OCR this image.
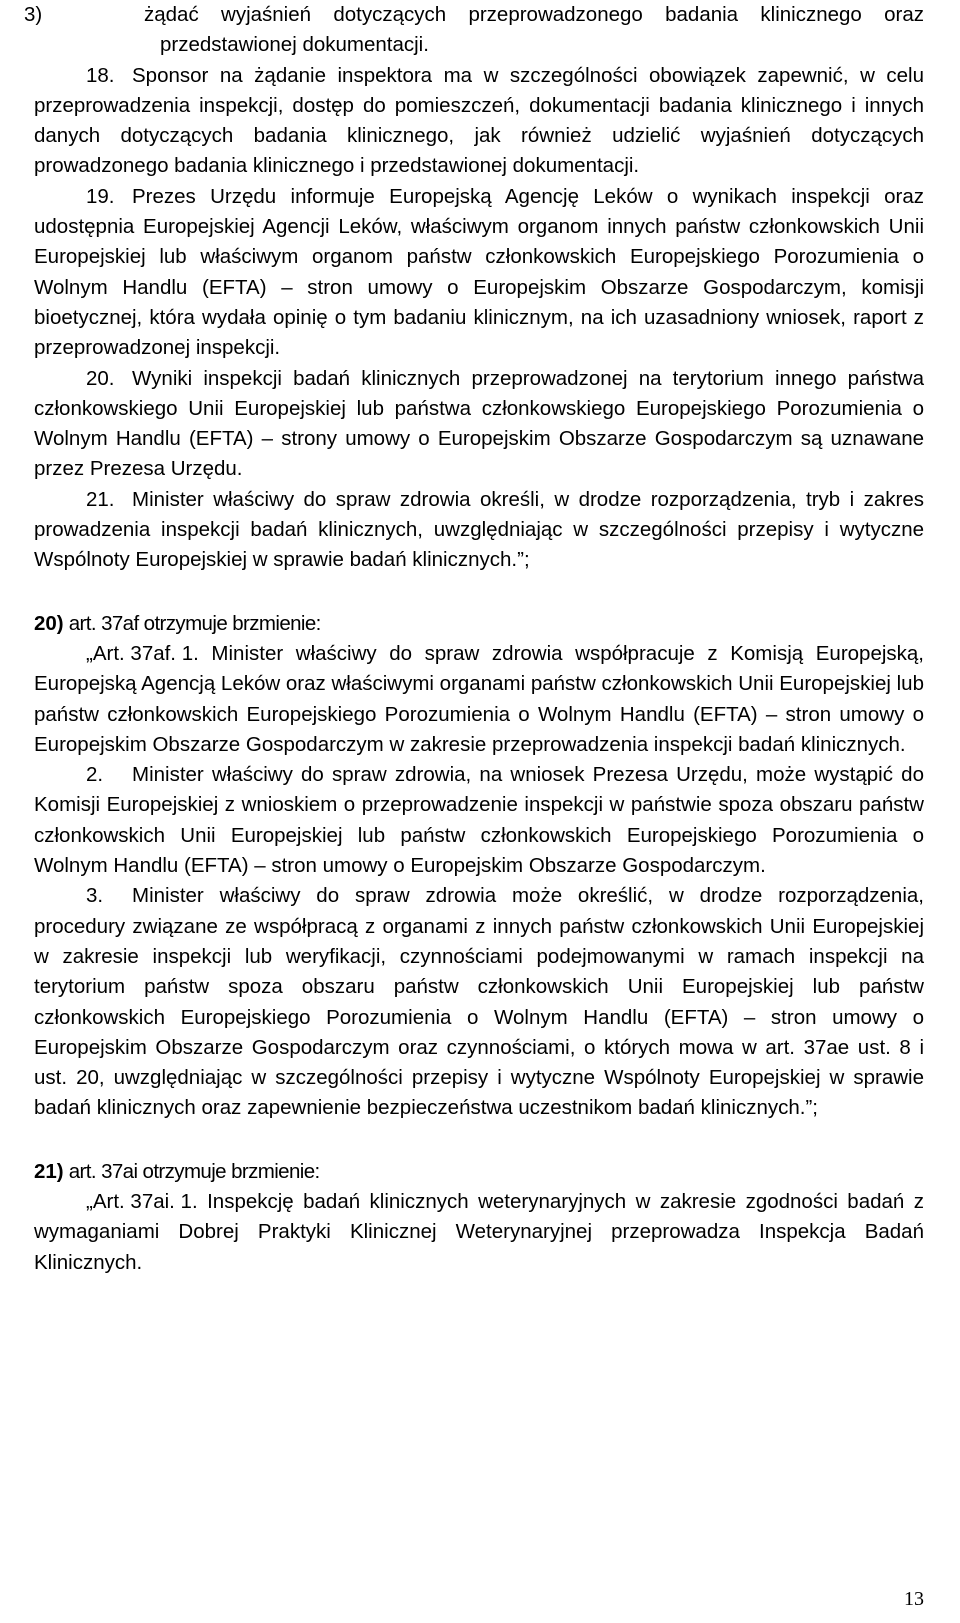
3)	żądać wyjaśnień dotyczących przeprowadzonego badania klinicznego oraz przedstawionej dokumentacji.

18. Sponsor na żądanie inspektora ma w szczególności obowiązek zapewnić, w celu przeprowadzenia inspekcji, dostęp do pomieszczeń, dokumentacji badania klinicznego i innych danych dotyczących badania klinicznego, jak również udzielić wyjaśnień dotyczących prowadzonego badania klinicznego i przedstawionej dokumentacji.

19. Prezes Urzędu informuje Europejską Agencję Leków o wynikach inspekcji oraz udostępnia Europejskiej Agencji Leków, właściwym organom innych państw członkowskich Unii Europejskiej lub właściwym organom państw członkowskich Europejskiego Porozumienia o Wolnym Handlu (EFTA) – stron umowy o Europejskim Obszarze Gospodarczym, komisji bioetycznej, która wydała opinię o tym badaniu klinicznym, na ich uzasadniony wniosek, raport z przeprowadzonej inspekcji.

20. Wyniki inspekcji badań klinicznych przeprowadzonej na terytorium innego państwa członkowskiego Unii Europejskiej lub państwa członkowskiego Europejskiego Porozumienia o Wolnym Handlu (EFTA) – strony umowy o Europejskim Obszarze Gospodarczym są uznawane przez Prezesa Urzędu.

21. Minister właściwy do spraw zdrowia określi, w drodze rozporządzenia, tryb i zakres prowadzenia inspekcji badań klinicznych, uwzględniając w szczególności przepisy i wytyczne Wspólnoty Europejskiej w sprawie badań klinicznych.”;

20) art. 37af otrzymuje brzmienie:

„Art. 37af. 1. Minister właściwy do spraw zdrowia współpracuje z Komisją Europejską, Europejską Agencją Leków oraz właściwymi organami państw członkowskich Unii Europejskiej lub państw członkowskich Europejskiego Porozumienia o Wolnym Handlu (EFTA) – stron umowy o Europejskim Obszarze Gospodarczym w zakresie przeprowadzenia inspekcji badań klinicznych.

2. Minister właściwy do spraw zdrowia, na wniosek Prezesa Urzędu, może wystąpić do Komisji Europejskiej z wnioskiem o przeprowadzenie inspekcji w państwie spoza obszaru państw członkowskich Unii Europejskiej lub państw członkowskich Europejskiego Porozumienia o Wolnym Handlu (EFTA) – stron umowy o Europejskim Obszarze Gospodarczym.

3. Minister właściwy do spraw zdrowia może określić, w drodze rozporządzenia, procedury związane ze współpracą z organami z innych państw członkowskich Unii Europejskiej w zakresie inspekcji lub weryfikacji, czynnościami podejmowanymi w ramach inspekcji na terytorium państw spoza obszaru państw członkowskich Unii Europejskiej lub państw członkowskich Europejskiego Porozumienia o Wolnym Handlu (EFTA) – stron umowy o Europejskim Obszarze Gospodarczym oraz czynnościami, o których mowa w art. 37ae ust. 8 i ust. 20, uwzględniając w szczególności przepisy i wytyczne Wspólnoty Europejskiej w sprawie badań klinicznych oraz zapewnienie bezpieczeństwa uczestnikom badań klinicznych.”;

21) art. 37ai otrzymuje brzmienie:

„Art. 37ai. 1. Inspekcję badań klinicznych weterynaryjnych w zakresie zgodności badań z wymaganiami Dobrej Praktyki Klinicznej Weterynaryjnej przeprowadza Inspekcja Badań Klinicznych.

13
